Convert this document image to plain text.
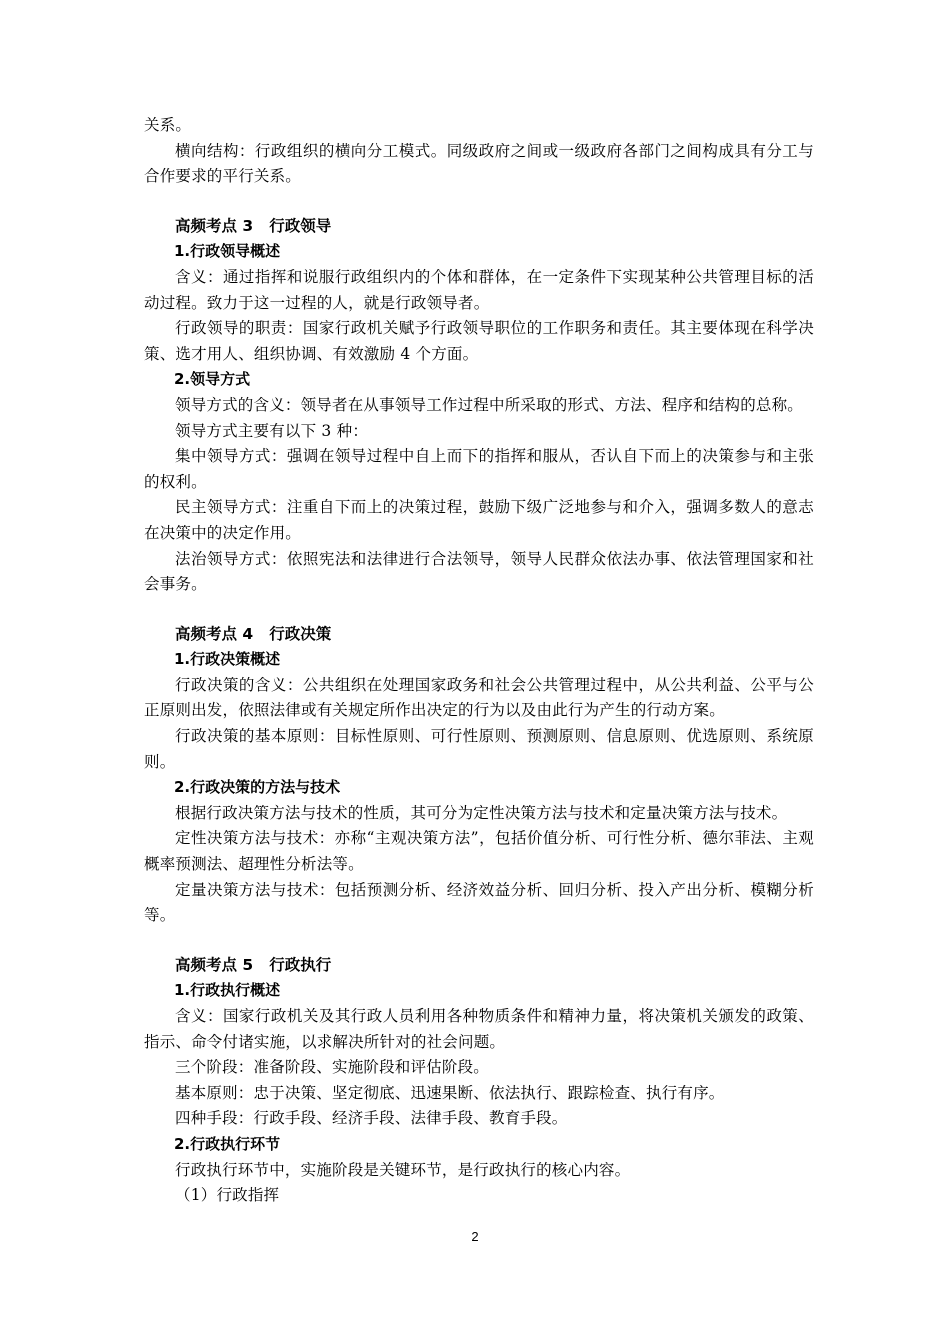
关系。

横向结构：行政组织的横向分工模式。同级政府之间或一级政府各部门之间构成具有分工与合作要求的平行关系。

高频考点 3 行政领导

1.行政领导概述

含义：通过指挥和说服行政组织内的个体和群体，在一定条件下实现某种公共管理目标的活动过程。致力于这一过程的人，就是行政领导者。

行政领导的职责：国家行政机关赋予行政领导职位的工作职务和责任。其主要体现在科学决策、选才用人、组织协调、有效激励 4 个方面。

2.领导方式

领导方式的含义：领导者在从事领导工作过程中所采取的形式、方法、程序和结构的总称。

领导方式主要有以下 3 种：

集中领导方式：强调在领导过程中自上而下的指挥和服从，否认自下而上的决策参与和主张的权利。

民主领导方式：注重自下而上的决策过程，鼓励下级广泛地参与和介入，强调多数人的意志在决策中的决定作用。

法治领导方式：依照宪法和法律进行合法领导，领导人民群众依法办事、依法管理国家和社会事务。

高频考点 4 行政决策

1.行政决策概述

行政决策的含义：公共组织在处理国家政务和社会公共管理过程中，从公共利益、公平与公正原则出发，依照法律或有关规定所作出决定的行为以及由此行为产生的行动方案。

行政决策的基本原则：目标性原则、可行性原则、预测原则、信息原则、优选原则、系统原则。

2.行政决策的方法与技术

根据行政决策方法与技术的性质，其可分为定性决策方法与技术和定量决策方法与技术。

定性决策方法与技术：亦称“主观决策方法”，包括价值分析、可行性分析、德尔菲法、主观概率预测法、超理性分析法等。

定量决策方法与技术：包括预测分析、经济效益分析、回归分析、投入产出分析、模糊分析等。

高频考点 5 行政执行

1.行政执行概述

含义：国家行政机关及其行政人员利用各种物质条件和精神力量，将决策机关颁发的政策、指示、命令付诸实施，以求解决所针对的社会问题。

三个阶段：准备阶段、实施阶段和评估阶段。

基本原则：忠于决策、坚定彻底、迅速果断、依法执行、跟踪检查、执行有序。

四种手段：行政手段、经济手段、法律手段、教育手段。

2.行政执行环节

行政执行环节中，实施阶段是关键环节，是行政执行的核心内容。

（1）行政指挥

2
